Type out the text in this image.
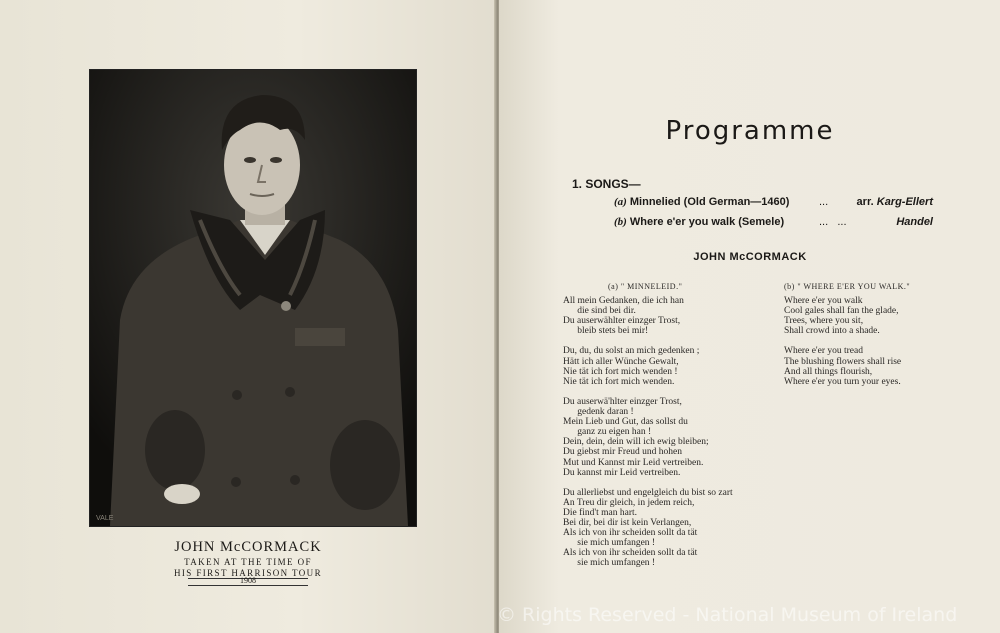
VALE
JOHN McCORMACK
TAKEN AT THE TIME OF
HIS FIRST HARRISON TOUR
1908
Programme
1. SONGS—
(a) Minnelied (Old German—1460)	...	arr. Karg-Ellert
(b) Where e'er you walk (Semele)	...   ...	Handel
JOHN McCORMACK
(a) " MINNELEID."
All mein Gedanken, die ich han
die sind bei dir.
Du auserwählter einzger Trost,
bleib stets bei mir!

Du, du, du solst an mich gedenken ;
Hätt ich aller Wünche Gewalt,
Nie tät ich fort mich wenden !
Nie tät ich fort mich wenden.

Du auserwä'hlter einzger Trost,
gedenk daran !
Mein Lieb und Gut, das sollst du
ganz zu eigen han !
Dein, dein, dein will ich ewig bleiben;
Du giebst mir Freud und hohen
Mut und Kannst mir Leid vertreiben.
Du kannst mir Leid vertreiben.

Du allerliebst und engelgleich du bist so zart
An Treu dir gleich, in jedem reich,
Die find't man hart.
Bei dir, bei dir ist kein Verlangen,
Als ich von ihr scheiden sollt da tät
sie mich umfangen !
Als ich von ihr scheiden sollt da tät
sie mich umfangen !
(b) " WHERE E'ER YOU WALK."
Where e'er you walk
Cool gales shall fan the glade,
Trees, where you sit,
Shall crowd into a shade.

Where e'er you tread
The blushing flowers shall rise
And all things flourish,
Where e'er you turn your eyes.
© Rights Reserved - National Museum of Ireland
